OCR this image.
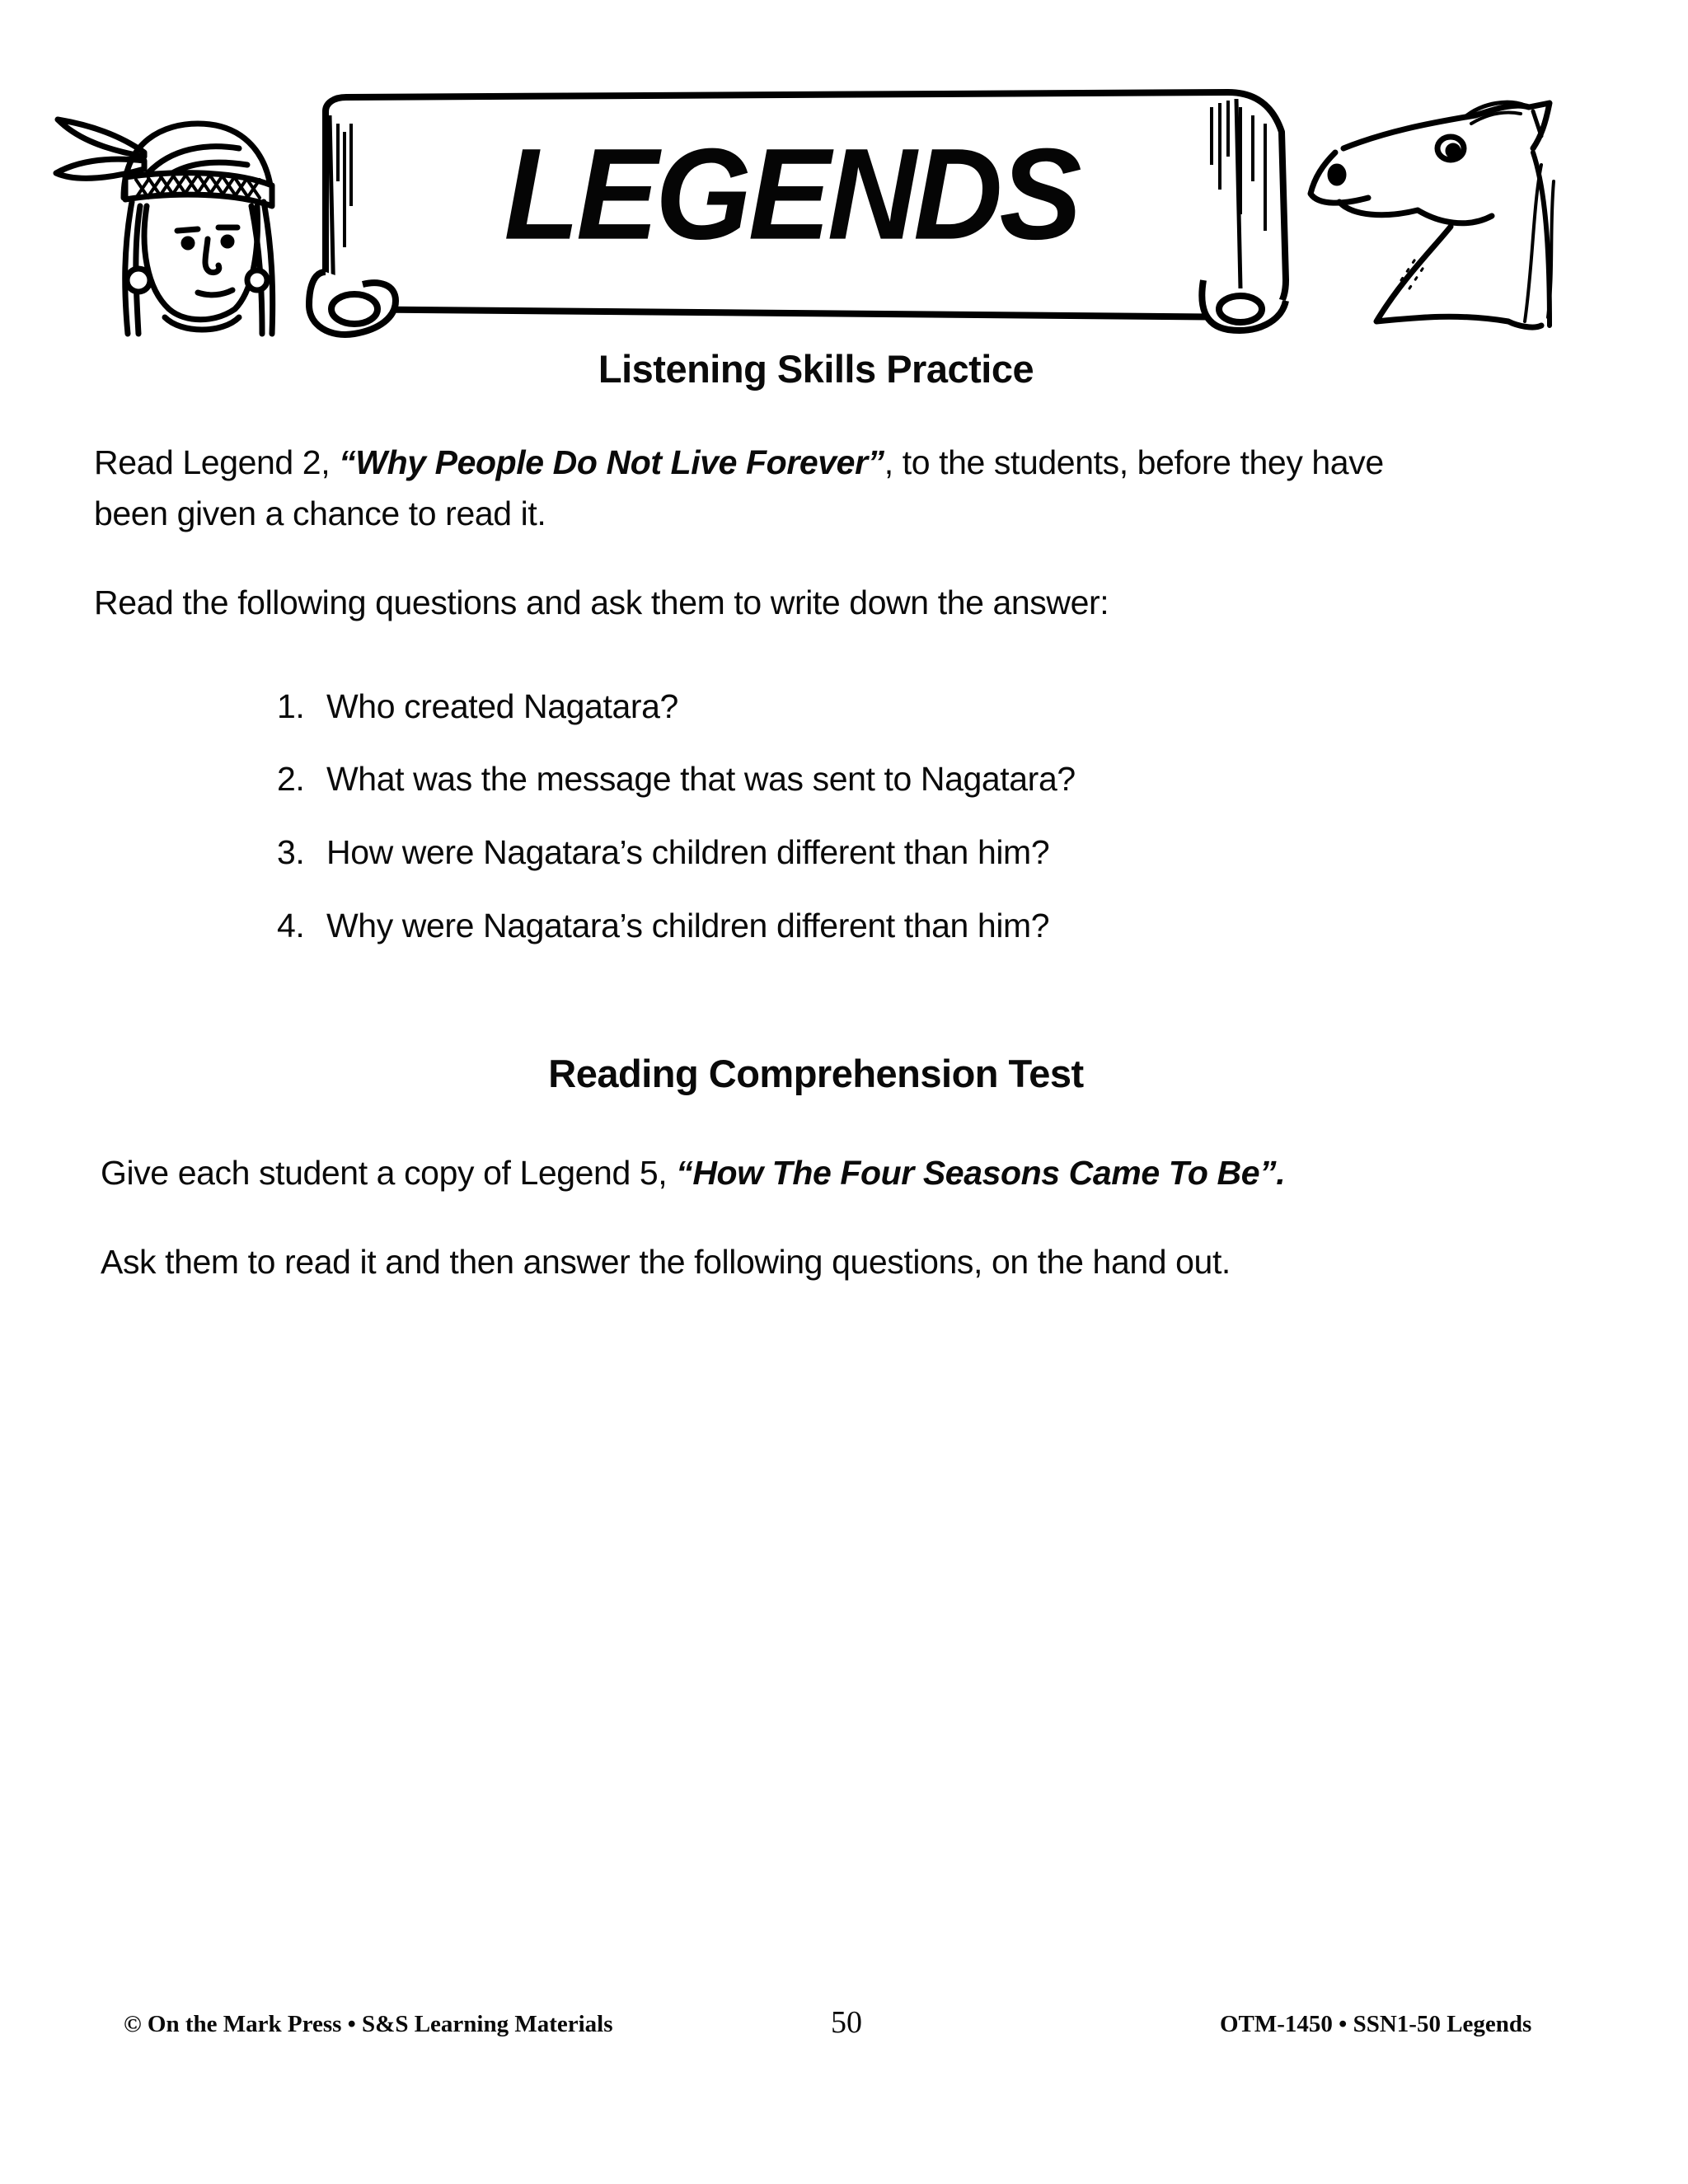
LEGENDS
Listening Skills Practice
Read Legend 2, “Why People Do Not Live Forever”, to the students, before they have
been given a chance to read it.
Read the following questions and ask them to write down the answer:
1. Who created Nagatara?
2. What was the message that was sent to Nagatara?
3. How were Nagatara’s children different than him?
4. Why were Nagatara’s children different than him?
Reading Comprehension Test
Give each student a copy of Legend 5, “How The Four Seasons Came To Be”.
Ask them to read it and then answer the following questions, on the hand out.
© On the Mark Press • S&S Learning Materials	50	OTM-1450 • SSN1-50 Legends
